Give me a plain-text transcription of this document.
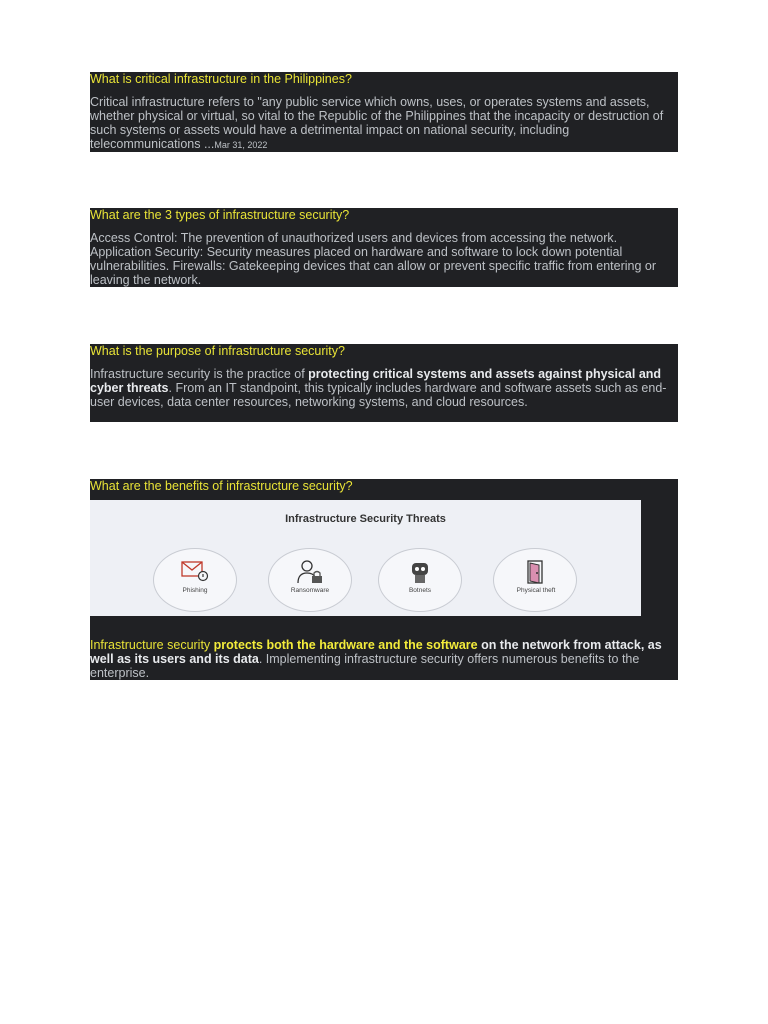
What is critical infrastructure in the Philippines?

Critical infrastructure refers to "any public service which owns, uses, or operates systems and assets, whether physical or virtual, so vital to the Republic of the Philippines that the incapacity or destruction of such systems or assets would have a detrimental impact on national security, including telecommunications ...Mar 31, 2022

What are the 3 types of infrastructure security?

Access Control: The prevention of unauthorized users and devices from accessing the network. Application Security: Security measures placed on hardware and software to lock down potential vulnerabilities. Firewalls: Gatekeeping devices that can allow or prevent specific traffic from entering or leaving the network.

What is the purpose of infrastructure security?

Infrastructure security is the practice of protecting critical systems and assets against physical and cyber threats. From an IT standpoint, this typically includes hardware and software assets such as end-user devices, data center resources, networking systems, and cloud resources.

What are the benefits of infrastructure security?

Infrastructure Security Threats
Phishing	Ransomware	Botnets	Physical theft

Infrastructure security protects both the hardware and the software on the network from attack, as well as its users and its data. Implementing infrastructure security offers numerous benefits to the enterprise.
